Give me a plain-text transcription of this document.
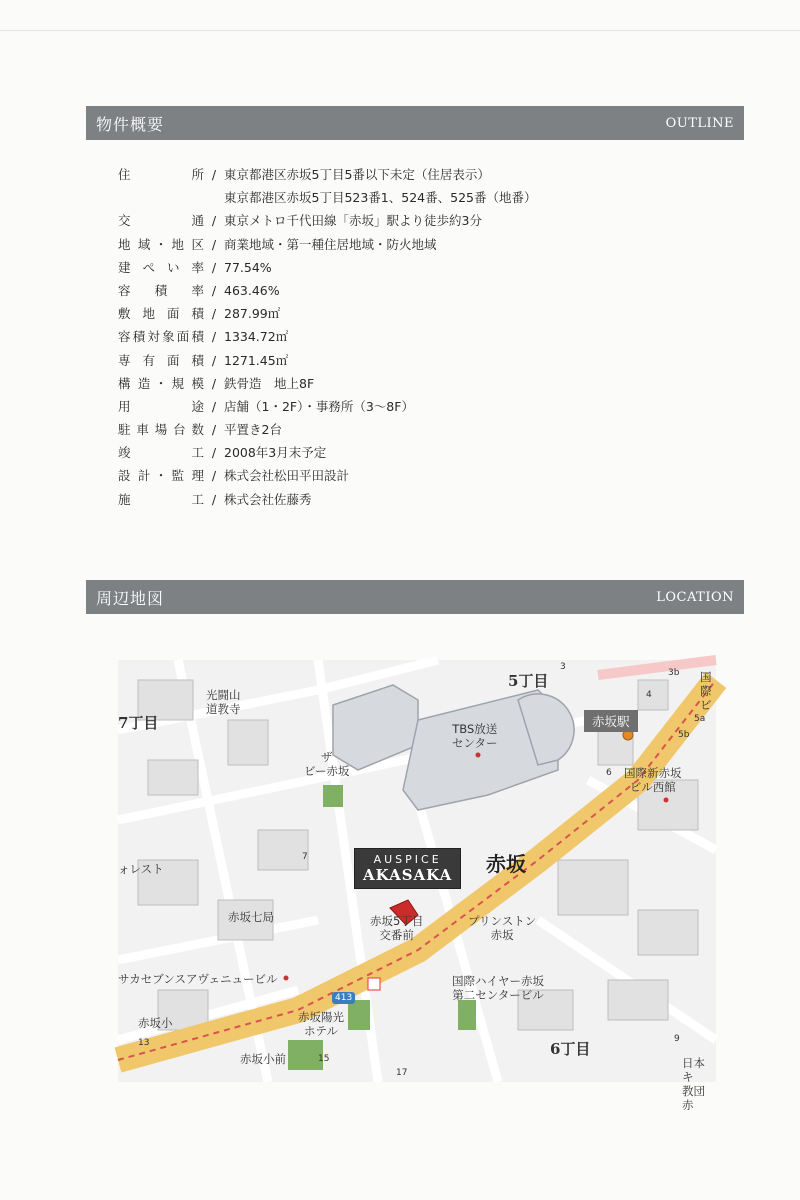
物件概要	OUTLINE
住	所 / 東京都港区赤坂5丁目5番以下未定（住居表示）
東京都港区赤坂5丁目523番1、524番、525番（地番）
交	通 / 東京メトロ千代田線「赤坂」駅より徒歩約3分
地 域 ･ 地 区 / 商業地域・第一種住居地域・防火地域
建 ぺ い 率 / 77.54%
容 積 率 / 463.46%
敷 地 面 積 / 287.99㎡
容 積 対 象 面 積 / 1334.72㎡
専 有 面 積 / 1271.45㎡
構 造 ･ 規 模 / 鉄骨造　地上8F
用	途 / 店舗（1・2F）・事務所（3〜8F）
駐 車 場 台 数 / 平置き2台
竣	工 / 2008年3月末予定
設 計 ･ 監 理 / 株式会社松田平田設計
施	工 / 株式会社佐藤秀
周辺地図	LOCATION
5丁目
7丁目
6丁目
赤坂
赤坂駅
AUSPICE
AKASAKA
光闘山
道教寺
TBS放送
センター
国際新赤坂
ビル西館
ザ
ビー赤坂
ォレスト
赤坂七局	赤坂5丁目
交番前
プリンストン
赤坂
サカセブンスアヴェニュービル	国際ハイヤー赤坂
第二センタービル
赤坂陽光
ホテル
赤坂小
赤坂小前	日本キ
教団赤
国際
ビ
413
4
5a
5b
3b
6
7
3
13
15
17
9
